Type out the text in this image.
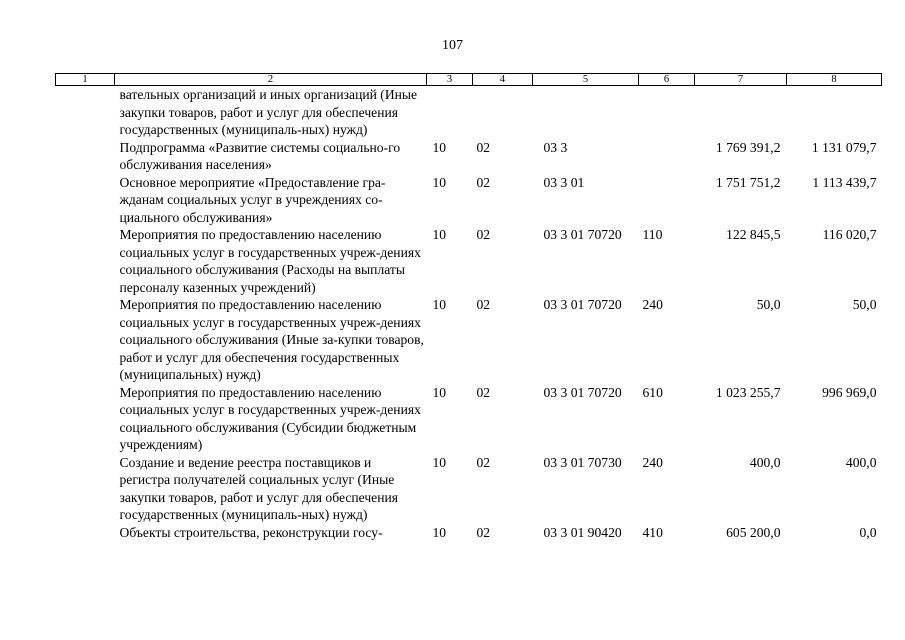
107
1	2	3	4	5	6	7	8
	вательных организаций и иных организаций (Иные закупки товаров, работ и услуг для обеспечения государственных (муниципаль-ных) нужд)						
	Подпрограмма «Развитие системы социально-го обслуживания населения»	10	02	03 3		1 769 391,2	1 131 079,7
	Основное мероприятие «Предоставление гра-жданам социальных услуг в учреждениях со-циального обслуживания»	10	02	03 3 01		1 751 751,2	1 113 439,7
	Мероприятия по предоставлению населению социальных услуг в государственных учреж-дениях социального обслуживания (Расходы на выплаты персоналу казенных учреждений)	10	02	03 3 01 70720	110	122 845,5	116 020,7
	Мероприятия по предоставлению населению социальных услуг в государственных учреж-дениях социального обслуживания (Иные за-купки товаров, работ и услуг для обеспечения государственных (муниципальных) нужд)	10	02	03 3 01 70720	240	50,0	50,0
	Мероприятия по предоставлению населению социальных услуг в государственных учреж-дениях социального обслуживания (Субсидии бюджетным учреждениям)	10	02	03 3 01 70720	610	1 023 255,7	996 969,0
	Создание и ведение реестра поставщиков и регистра получателей социальных услуг (Иные закупки товаров, работ и услуг для обеспечения государственных (муниципаль-ных) нужд)	10	02	03 3 01 70730	240	400,0	400,0
	Объекты строительства, реконструкции госу-	10	02	03 3 01 90420	410	605 200,0	0,0
